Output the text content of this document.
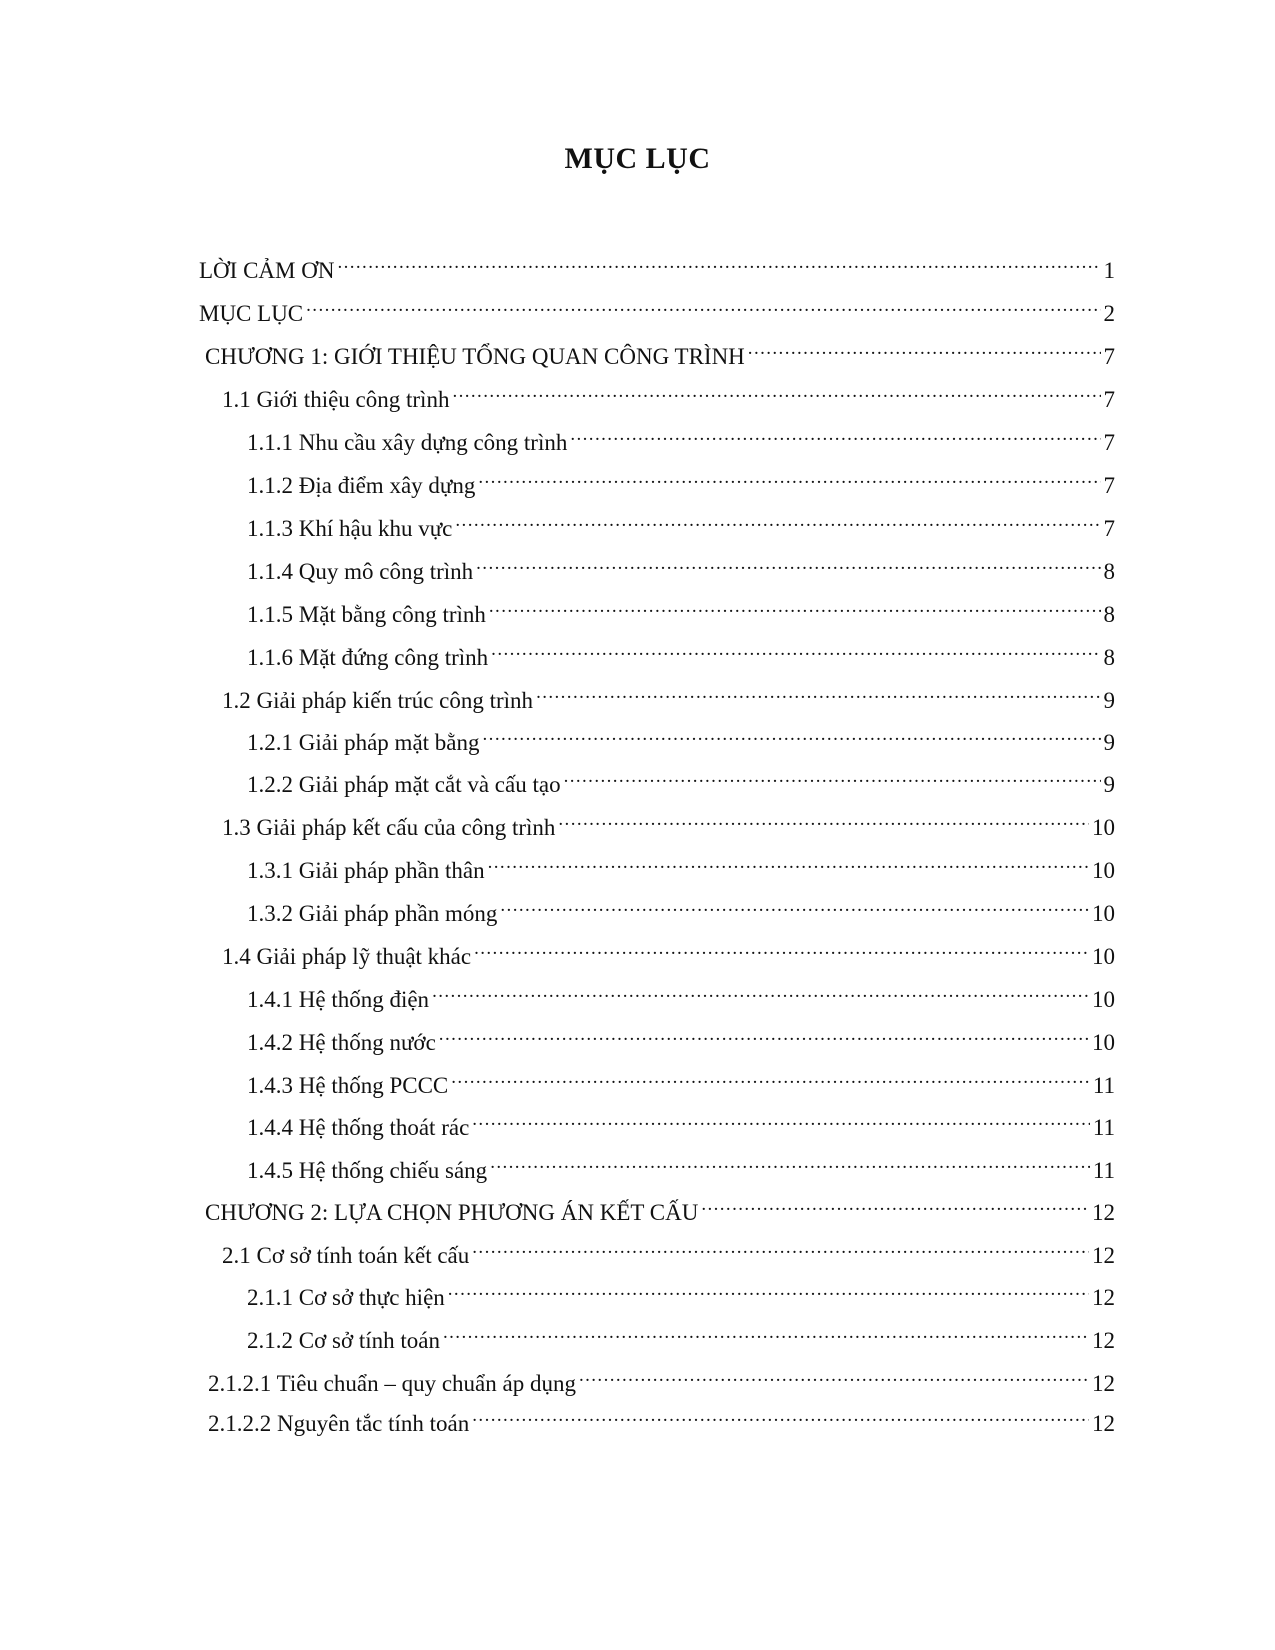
MỤC LỤC
LỜI CẢM ƠN .....	1
MỤC LỤC .....	2
CHƯƠNG 1: GIỚI THIỆU TỔNG QUAN CÔNG TRÌNH .....	7
1.1 Giới thiệu công trình .....	7
1.1.1 Nhu cầu xây dựng công trình .....	7
1.1.2 Địa điểm xây dựng .....	7
1.1.3 Khí hậu khu vực .....	7
1.1.4 Quy mô công trình .....	8
1.1.5 Mặt bằng công trình .....	8
1.1.6 Mặt đứng công trình .....	8
1.2 Giải pháp kiến trúc công trình .....	9
1.2.1 Giải pháp mặt bằng .....	9
1.2.2 Giải pháp mặt cắt và cấu tạo .....	9
1.3 Giải pháp kết cấu của công trình .....	10
1.3.1 Giải pháp phần thân .....	10
1.3.2 Giải pháp phần móng .....	10
1.4 Giải pháp lỹ thuật khác .....	10
1.4.1 Hệ thống điện .....	10
1.4.2 Hệ thống nước .....	10
1.4.3 Hệ thống PCCC .....	11
1.4.4 Hệ thống thoát rác .....	11
1.4.5 Hệ thống chiếu sáng .....	11
CHƯƠNG 2: LỰA CHỌN PHƯƠNG ÁN KẾT CẤU .....	12
2.1 Cơ sở tính toán kết cấu .....	12
2.1.1 Cơ sở thực hiện .....	12
2.1.2 Cơ sở tính toán .....	12
2.1.2.1 Tiêu chuẩn – quy chuẩn áp dụng .....	12
2.1.2.2 Nguyên tắc tính toán .....	12
